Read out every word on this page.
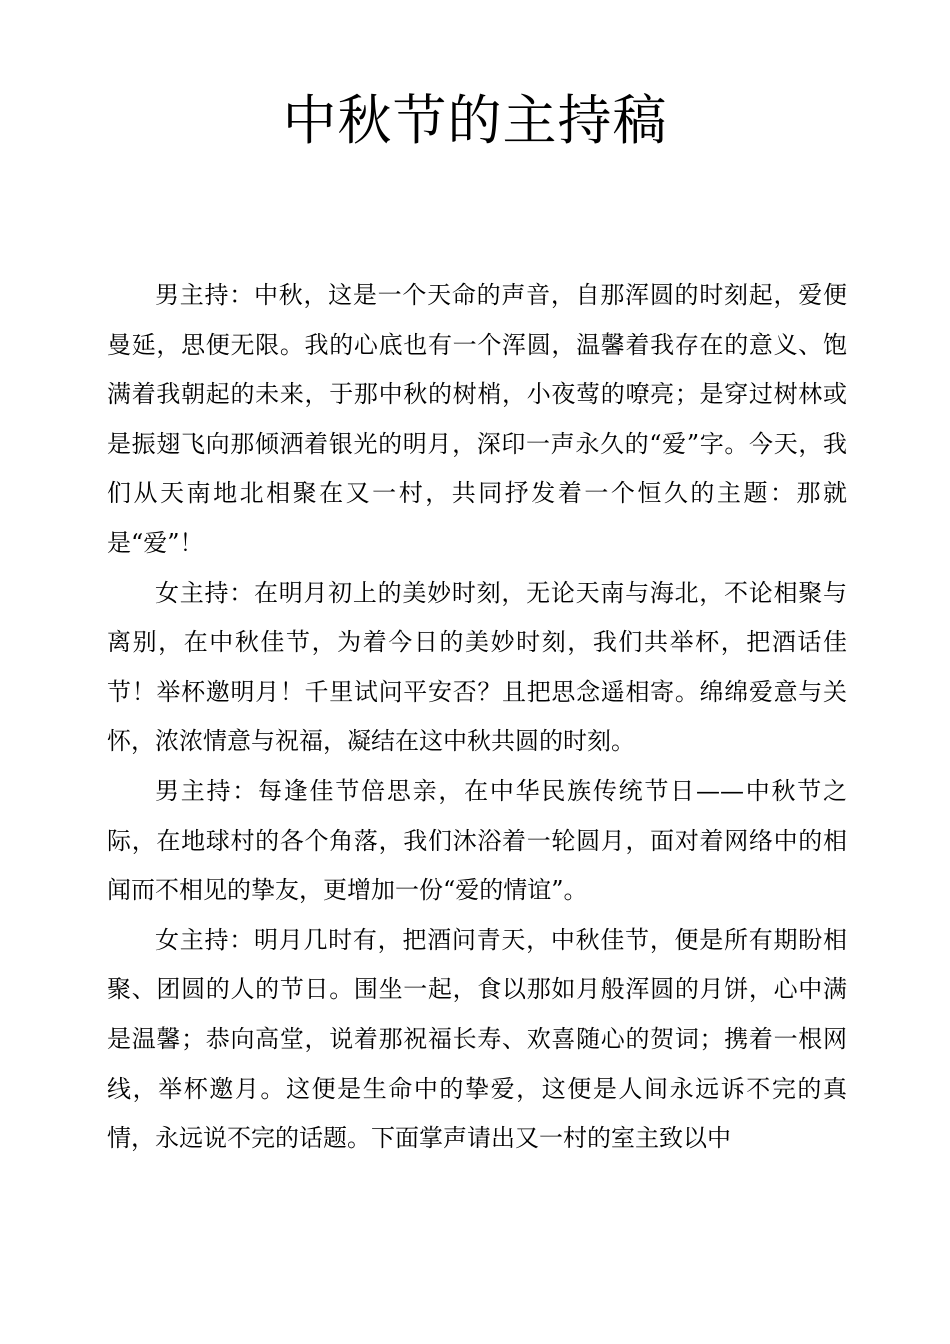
中秋节的主持稿

男主持：中秋，这是一个天命的声音，自那浑圆的时刻起，爱便曼延，思便无限。我的心底也有一个浑圆，温馨着我存在的意义、饱满着我朝起的未来，于那中秋的树梢，小夜莺的嘹亮；是穿过树林或是振翅飞向那倾洒着银光的明月，深印一声永久的“爱”字。今天，我们从天南地北相聚在又一村，共同抒发着一个恒久的主题：那就是“爱”！

女主持：在明月初上的美妙时刻，无论天南与海北，不论相聚与离别，在中秋佳节，为着今日的美妙时刻，我们共举杯，把酒话佳节！举杯邀明月！千里试问平安否？且把思念遥相寄。绵绵爱意与关怀，浓浓情意与祝福，凝结在这中秋共圆的时刻。

男主持：每逢佳节倍思亲，在中华民族传统节日——中秋节之际，在地球村的各个角落，我们沐浴着一轮圆月，面对着网络中的相闻而不相见的挚友，更增加一份“爱的情谊”。

女主持：明月几时有，把酒问青天，中秋佳节，便是所有期盼相聚、团圆的人的节日。围坐一起，食以那如月般浑圆的月饼，心中满是温馨；恭向高堂，说着那祝福长寿、欢喜随心的贺词；携着一根网线，举杯邀月。这便是生命中的挚爱，这便是人间永远诉不完的真情，永远说不完的话题。下面掌声请出又一村的室主致以中
